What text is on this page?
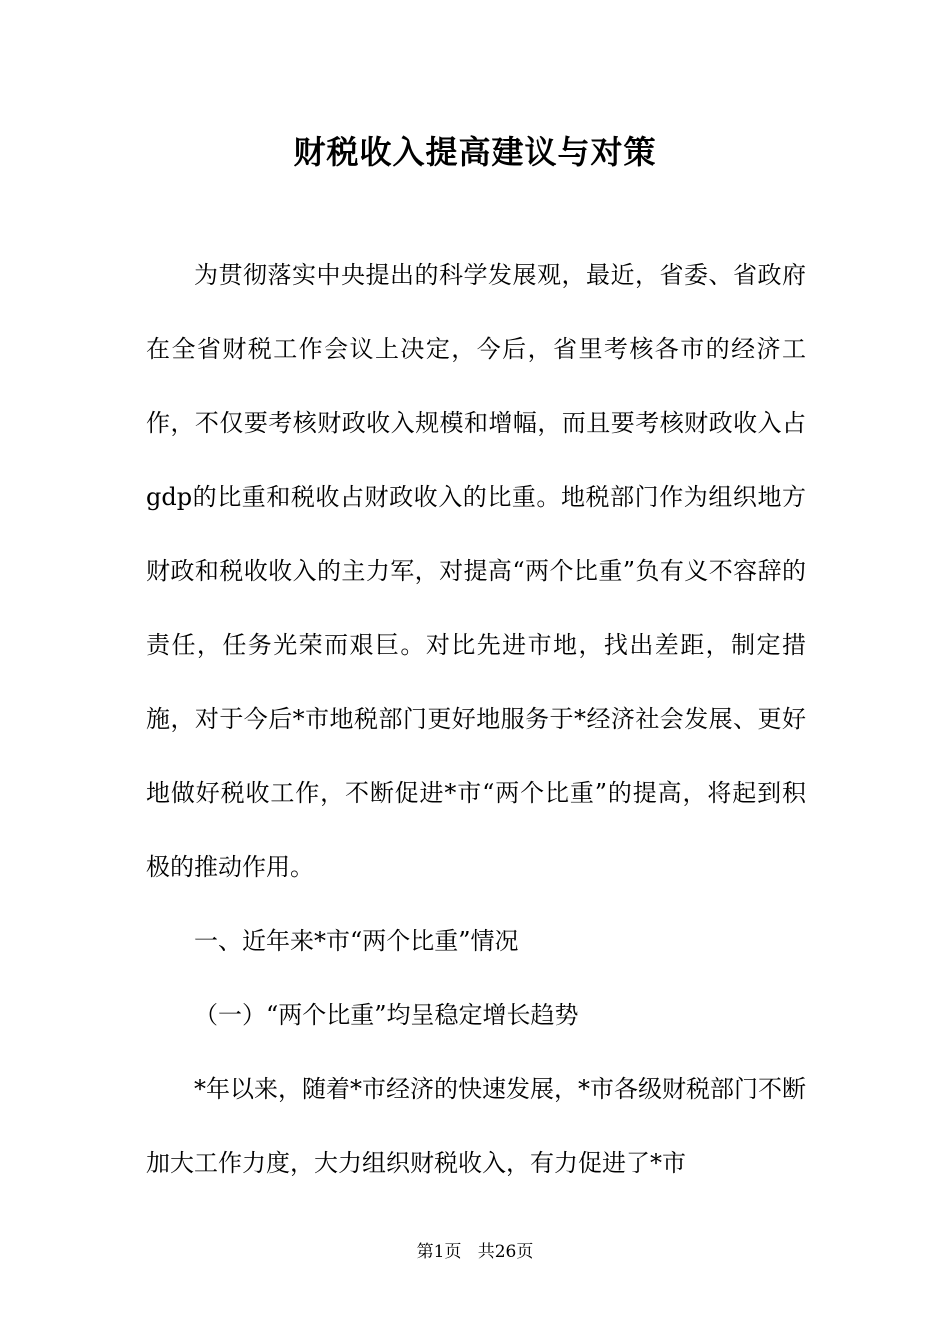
财税收入提高建议与对策

为贯彻落实中央提出的科学发展观，最近，省委、省政府在全省财税工作会议上决定，今后，省里考核各市的经济工作，不仅要考核财政收入规模和增幅，而且要考核财政收入占gdp的比重和税收占财政收入的比重。地税部门作为组织地方财政和税收收入的主力军，对提高“两个比重”负有义不容辞的责任，任务光荣而艰巨。对比先进市地，找出差距，制定措施，对于今后*市地税部门更好地服务于*经济社会发展、更好地做好税收工作，不断促进*市“两个比重”的提高，将起到积极的推动作用。

一、近年来*市“两个比重”情况

（一）“两个比重”均呈稳定增长趋势

*年以来，随着*市经济的快速发展，*市各级财税部门不断加大工作力度，大力组织财税收入，有力促进了*市

第1页 共26页
